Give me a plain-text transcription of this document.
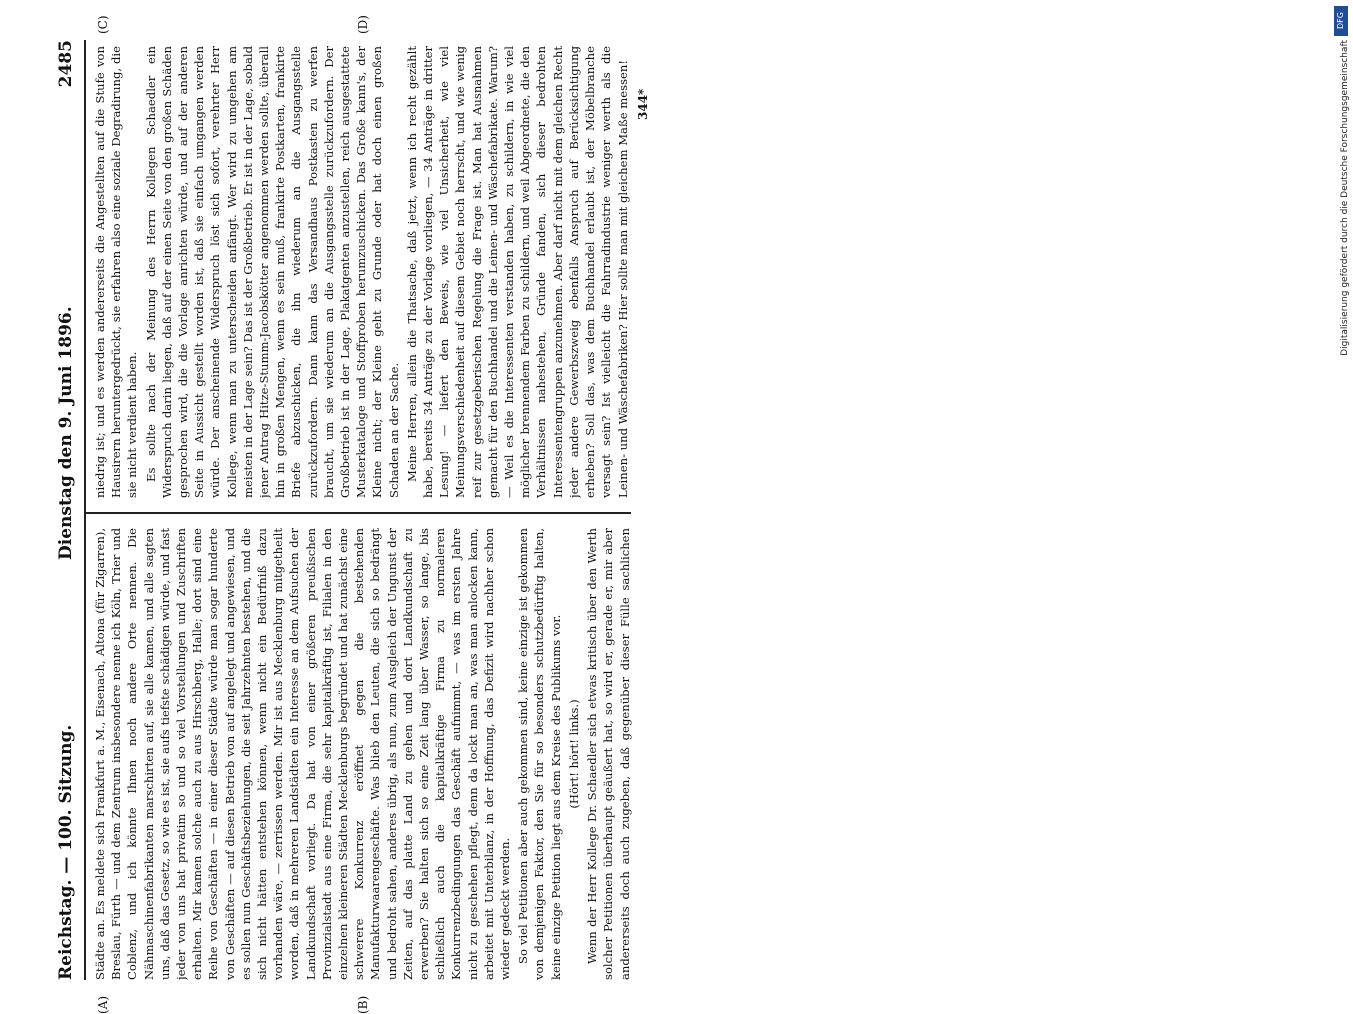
Reichstag. — 100. Sitzung.
Dienstag den 9. Juni 1896.
2485
(A)	(B)
(C)	(D)

Städte an. Es meldete sich Frankfurt a. M., Eisenach, Altona (für Zigarren), Breslau, Fürth — und dem Zentrum insbesondere nenne ich Köln, Trier und Coblenz, und ich könnte Ihnen noch andere Orte nennen. Die Nähmaschinenfabrikanten marschirten auf, sie alle kamen, und alle sagten uns, daß das Gesetz, so wie es ist, sie aufs tiefste schädigen würde, und fast jeder von uns hat privatim so und so viel Vorstellungen und Zuschriften erhalten. Mir kamen solche auch zu aus Hirschberg, Halle; dort sind eine Reihe von Geschäften — in einer dieser Städte würde man sogar hunderte von Geschäften — auf diesen Betrieb von auf angelegt und angewiesen, und es sollen nun Geschäftsbeziehungen, die seit Jahrzehnten bestehen, und die sich nicht hätten entstehen können, wenn nicht ein Bedürfniß dazu vorhanden wäre, — zerrissen werden. Mir ist aus Mecklenburg mitgetheilt worden, daß in mehreren Landstädten ein Interesse an dem Aufsuchen der Landkundschaft vorliegt. Da hat von einer größeren preußischen Provinzialstadt aus eine Firma, die sehr kapitalkräftig ist, Filialen in den einzelnen kleineren Städten Mecklenburgs begründet und hat zunächst eine schwerere Konkurrenz eröffnet gegen die bestehenden Manufakturwaarengeschäfte. Was blieb den Leuten, die sich so bedrängt und bedroht sahen, anderes übrig, als nun, zum Ausgleich der Ungunst der Zeiten, auf das platte Land zu gehen und dort Landkundschaft zu erwerben? Sie halten sich so eine Zeit lang über Wasser, so lange, bis schließlich auch die kapitalkräftige Firma zu normaleren Konkurrenzbedingungen das Geschäft aufnimmt, — was im ersten Jahre nicht zu geschehen pflegt, denn da lockt man an, was man anlocken kann, arbeitet mit Unterbilanz, in der Hoffnung, das Defizit wird nachher schon wieder gedeckt werden. So viel Petitionen aber auch gekommen sind, keine einzige ist gekommen von demjenigen Faktor, den Sie für so besonders schutzbedürftig halten, keine einzige Petition liegt aus dem Kreise des Publikums vor. (Hört! hört! links.)

Wenn der Herr Kollege Dr. Schaedler sich etwas kritisch über den Werth solcher Petitionen überhaupt geäußert hat, so wird er, gerade er, mir aber andererseits doch auch zugeben, daß gegenüber dieser Fülle sachlichen

niedrig ist; und es werden andererseits die Angestellten auf die Stufe von Hausirern heruntergedrückt, sie erfahren also eine soziale Degradirung, die sie nicht verdient haben. Es sollte nach der Meinung des Herrn Kollegen Schaedler ein Widerspruch darin liegen, daß auf der einen Seite von den großen Schäden gesprochen wird, die die Vorlage anrichten würde, und auf der anderen Seite in Aussicht gestellt worden ist, daß sie einfach umgangen werden würde. Der anscheinende Widerspruch löst sich sofort, verehrter Herr Kollege, wenn man zu unterscheiden anfängt. Wer wird zu umgehen am meisten in der Lage sein? Das ist der Großbetrieb. Er ist in der Lage, sobald jener Antrag Hitze-Stumm-Jacobskötter angenommen werden sollte, überall hin in großen Mengen, wenn es sein muß, frankirte Postkarten, frankirte Briefe abzuschicken, die ihn wiederum an die Ausgangsstelle zurückzufordern. Dann kann das Versandhaus Postkasten zu werfen braucht, um sie wiederum an die Ausgangsstelle zurückzufordern. Der Großbetrieb ist in der Lage, Plakatgenten anzustellen, reich ausgestattete Musterkataloge und Stoffproben herumzuschicken. Das Große kann's, der Kleine nicht; der Kleine geht zu Grunde oder hat doch einen großen Schaden an der Sache. Meine Herren, allein die Thatsache, daß jetzt, wenn ich recht gezählt habe, bereits 34 Anträge zu der Vorlage vorliegen, — 34 Anträge in dritter Lesung! — liefert den Beweis, wie viel Unsicherheit, wie viel Meinungsverschiedenheit auf diesem Gebiet noch herrscht, und wie wenig reif zur gesetzgeberischen Regelung die Frage ist. Man hat Ausnahmen gemacht für den Buchhandel und die Leinen- und Wäschefabrikate. Warum? — Weil es die Interessenten verstanden haben, zu schildern, in wie viel möglicher brennendem Farben zu schildern, und weil Abgeordnete, die den Verhältnissen nahestehen, Gründe fanden, sich dieser bedrohten Interessentengruppen anzunehmen. Aber darf nicht mit dem gleichen Recht jeder andere Gewerbszweig ebenfalls Anspruch auf Berücksichtigung erheben? Soll das, was dem Buchhandel erlaubt ist, der Möbelbranche versagt sein? Ist vielleicht die Fahrradindustrie weniger werth als die Leinen- und Wäschefabriken? Hier sollte man mit gleichem Maße messen! 344*
DFG
Digitalisierung gefördert durch die Deutsche Forschungsgemeinschaft
